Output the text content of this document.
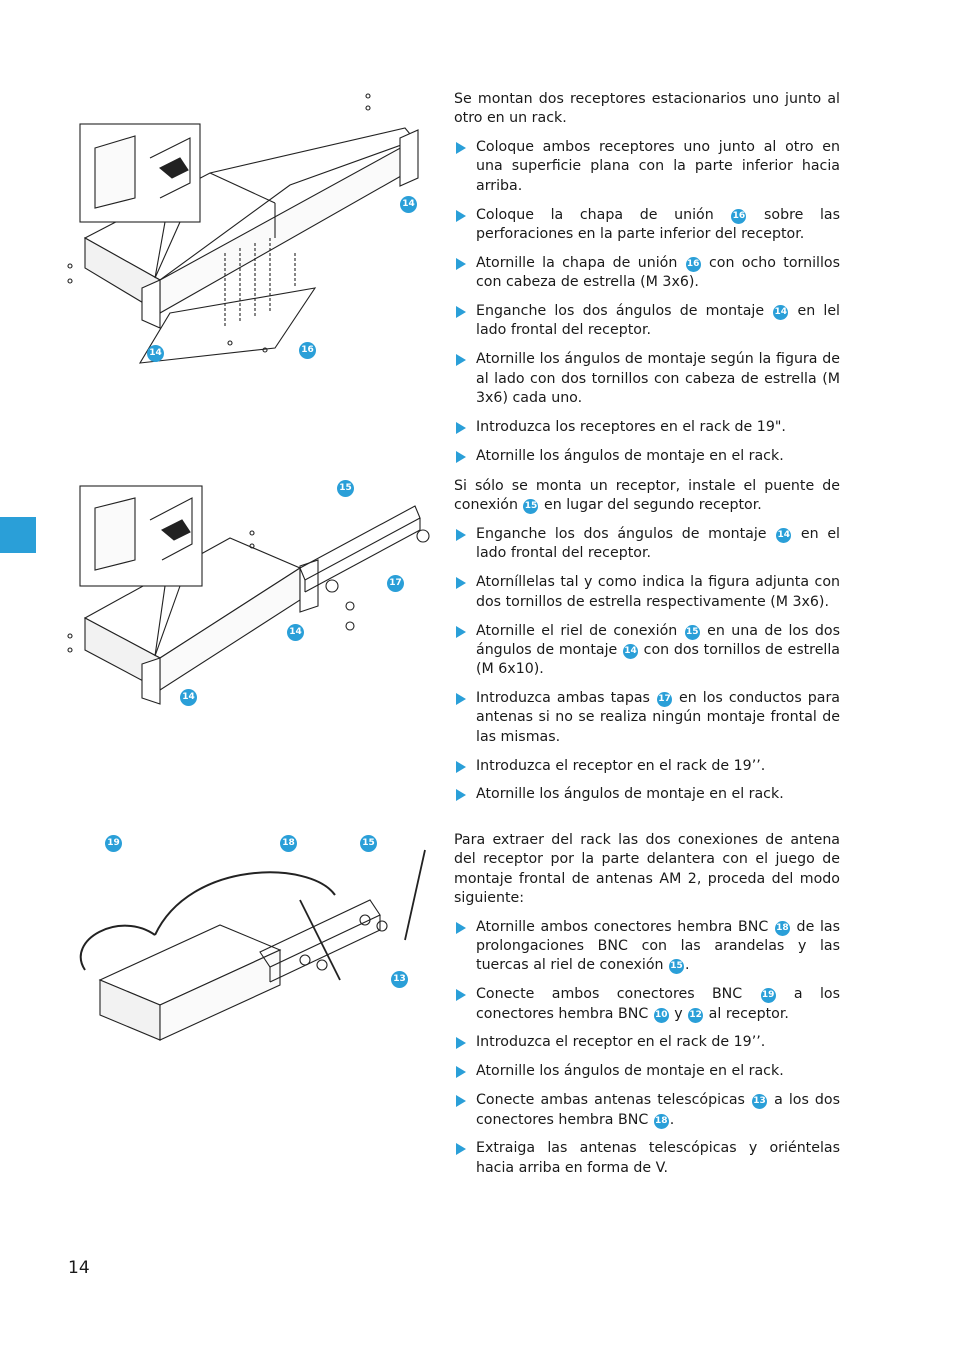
14
14
16
15
17
14
14
19	18	15
13

Se montan dos receptores estacionarios uno junto al otro en un rack.

Coloque ambos receptores uno junto al otro en una superficie plana con la parte inferior hacia arriba.
Coloque la chapa de unión 16 sobre las perforaciones en la parte inferior del receptor.
Atornille la chapa de unión 16 con ocho tornillos con cabeza de estrella (M 3x6).
Enganche los dos ángulos de montaje 14 en lel lado frontal del receptor.
Atornille los ángulos de montaje según la figura de al lado con dos tornillos con cabeza de estrella (M 3x6) cada uno.
Introduzca los receptores en el rack de 19".
Atornille los ángulos de montaje en el rack.

Si sólo se monta un receptor, instale el puente de conexión 15 en lugar del segundo receptor.

Enganche los dos ángulos de montaje 14 en el lado frontal del receptor.
Atorníllelas tal y como indica la figura adjunta con dos tornillos de estrella respectivamente (M 3x6).
Atornille el riel de conexión 15 en una de los dos ángulos de montaje 14 con dos tornillos de estrella (M 6x10).
Introduzca ambas tapas 17 en los conductos para antenas si no se realiza ningún montaje frontal de las mismas.
Introduzca el receptor en el rack de 19’’.
Atornille los ángulos de montaje en el rack.

Para extraer del rack las dos conexiones de antena del receptor por la parte delantera con el juego de montaje frontal de antenas AM 2, proceda del modo siguiente:

Atornille ambos conectores hembra BNC 18 de las prolongaciones BNC con las arandelas y las tuercas al riel de conexión 15 .
Conecte ambos conectores BNC 19 a los conectores hembra BNC 10 y 12 al receptor.
Introduzca el receptor en el rack de 19’’.
Atornille los ángulos de montaje en el rack.
Conecte ambas antenas telescópicas 13 a los dos conectores hembra BNC 18 .
Extraiga las antenas telescópicas y oriéntelas hacia arriba en forma de V.
14
